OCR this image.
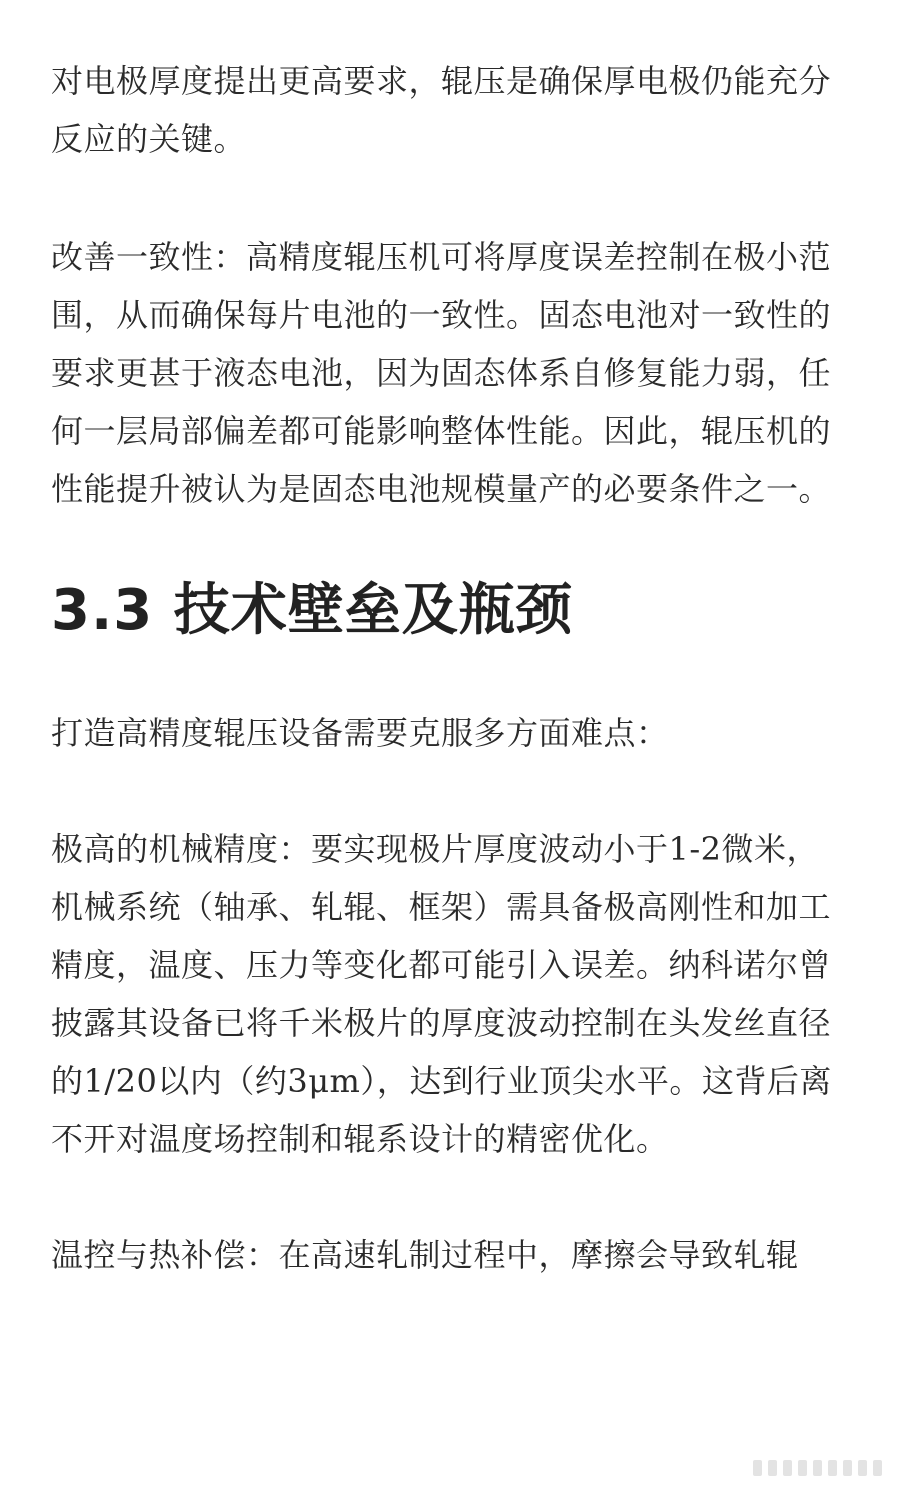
对电极厚度提出更高要求，辊压是确保厚电极仍能充分反应的关键。

改善一致性：高精度辊压机可将厚度误差控制在极小范围，从而确保每片电池的一致性。固态电池对一致性的要求更甚于液态电池，因为固态体系自修复能力弱，任何一层局部偏差都可能影响整体性能。因此，辊压机的性能提升被认为是固态电池规模量产的必要条件之一。

3.3 技术壁垒及瓶颈

打造高精度辊压设备需要克服多方面难点：

极高的机械精度：要实现极片厚度波动小于1-2微米，机械系统（轴承、轧辊、框架）需具备极高刚性和加工精度，温度、压力等变化都可能引入误差。纳科诺尔曾披露其设备已将千米极片的厚度波动控制在头发丝直径的1/20以内（约3μm），达到行业顶尖水平。这背后离不开对温度场控制和辊系设计的精密优化。

温控与热补偿：在高速轧制过程中，摩擦会导致轧辊
